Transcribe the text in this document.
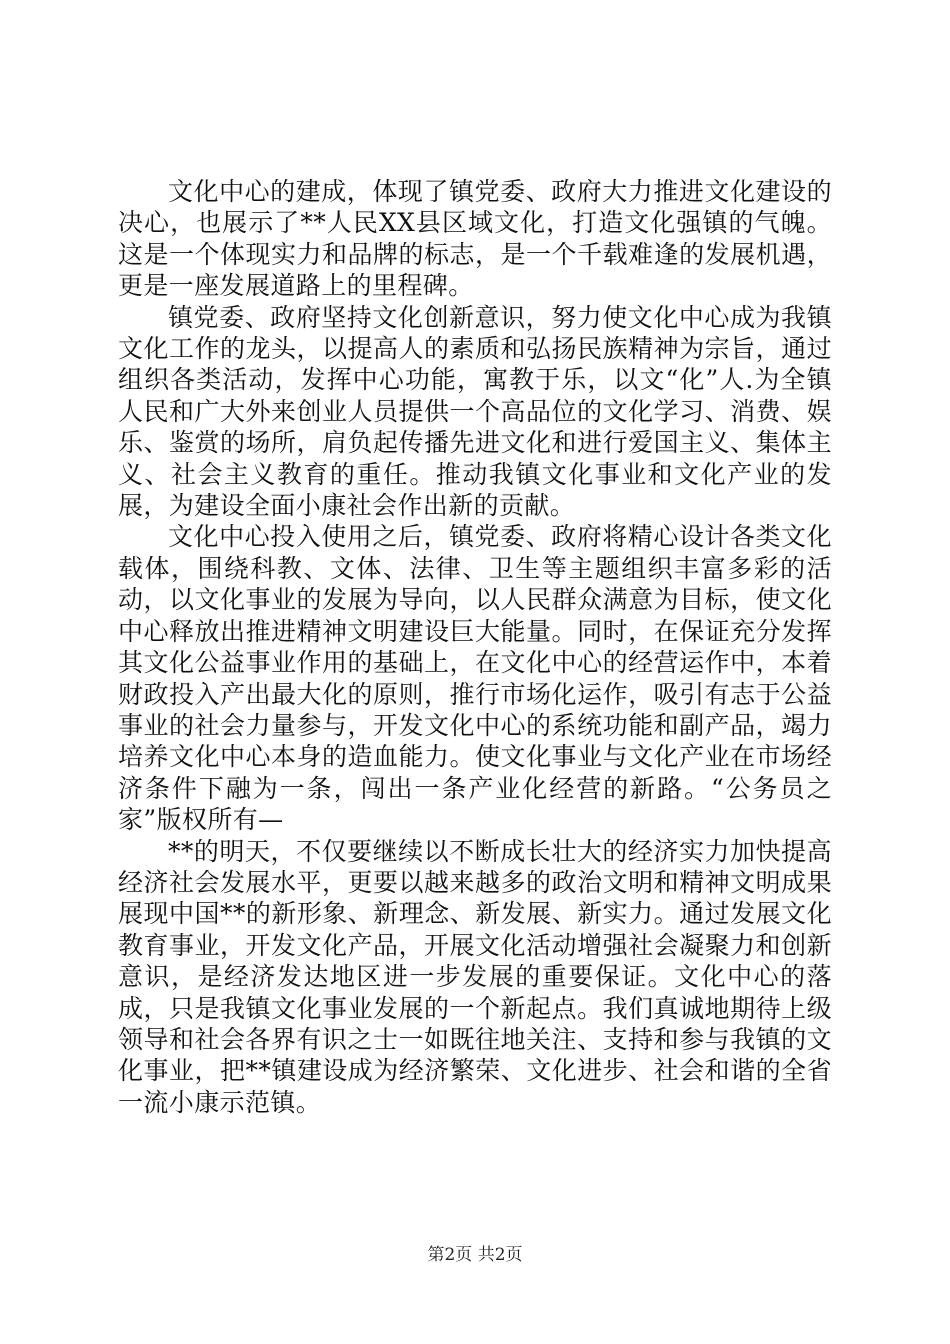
文化中心的建成，体现了镇党委、政府大力推进文化建设的决心，也展示了**人民XX县区域文化，打造文化强镇的气魄。这是一个体现实力和品牌的标志，是一个千载难逢的发展机遇，更是一座发展道路上的里程碑。

镇党委、政府坚持文化创新意识，努力使文化中心成为我镇文化工作的龙头，以提高人的素质和弘扬民族精神为宗旨，通过组织各类活动，发挥中心功能，寓教于乐，以文“化”人.为全镇人民和广大外来创业人员提供一个高品位的文化学习、消费、娱乐、鉴赏的场所，肩负起传播先进文化和进行爱国主义、集体主义、社会主义教育的重任。推动我镇文化事业和文化产业的发展，为建设全面小康社会作出新的贡献。

文化中心投入使用之后，镇党委、政府将精心设计各类文化载体，围绕科教、文体、法律、卫生等主题组织丰富多彩的活动，以文化事业的发展为导向，以人民群众满意为目标，使文化中心释放出推进精神文明建设巨大能量。同时，在保证充分发挥其文化公益事业作用的基础上，在文化中心的经营运作中，本着财政投入产出最大化的原则，推行市场化运作，吸引有志于公益事业的社会力量参与，开发文化中心的系统功能和副产品，竭力培养文化中心本身的造血能力。使文化事业与文化产业在市场经济条件下融为一条，闯出一条产业化经营的新路。“公务员之家”版权所有—

**的明天，不仅要继续以不断成长壮大的经济实力加快提高经济社会发展水平，更要以越来越多的政治文明和精神文明成果展现中国**的新形象、新理念、新发展、新实力。通过发展文化教育事业，开发文化产品，开展文化活动增强社会凝聚力和创新意识，是经济发达地区进一步发展的重要保证。文化中心的落成，只是我镇文化事业发展的一个新起点。我们真诚地期待上级领导和社会各界有识之士一如既往地关注、支持和参与我镇的文化事业，把**镇建设成为经济繁荣、文化进步、社会和谐的全省一流小康示范镇。

第2页 共2页
